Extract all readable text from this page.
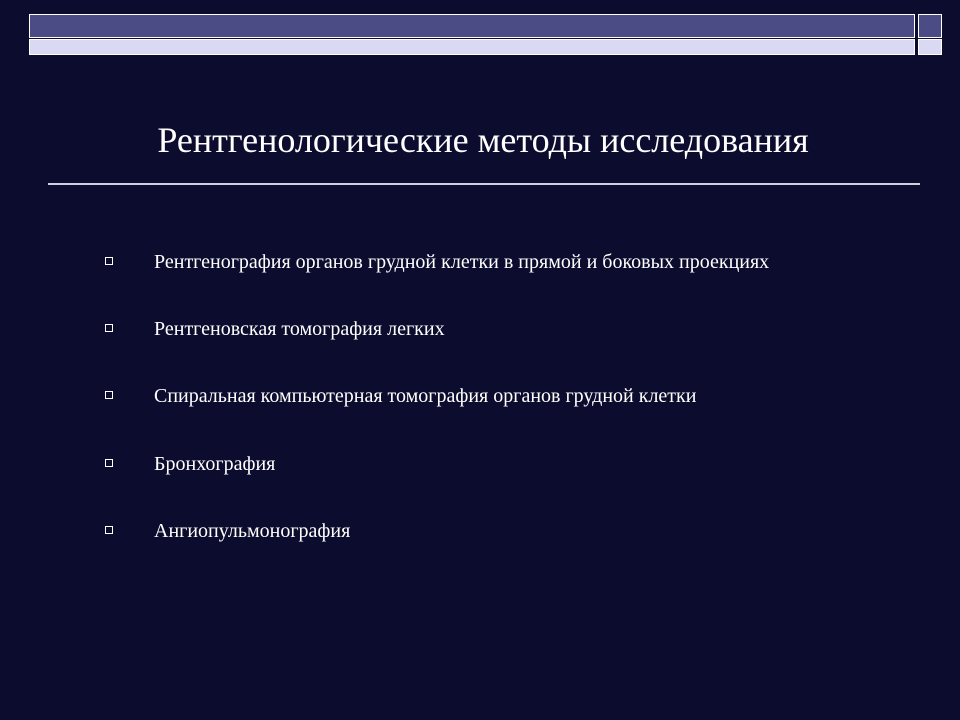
Рентгенологические методы исследования
Рентгенография органов грудной клетки в прямой и боковых проекциях
Рентгеновская томография легких
Спиральная компьютерная томография органов грудной клетки
Бронхография
Ангиопульмонография
